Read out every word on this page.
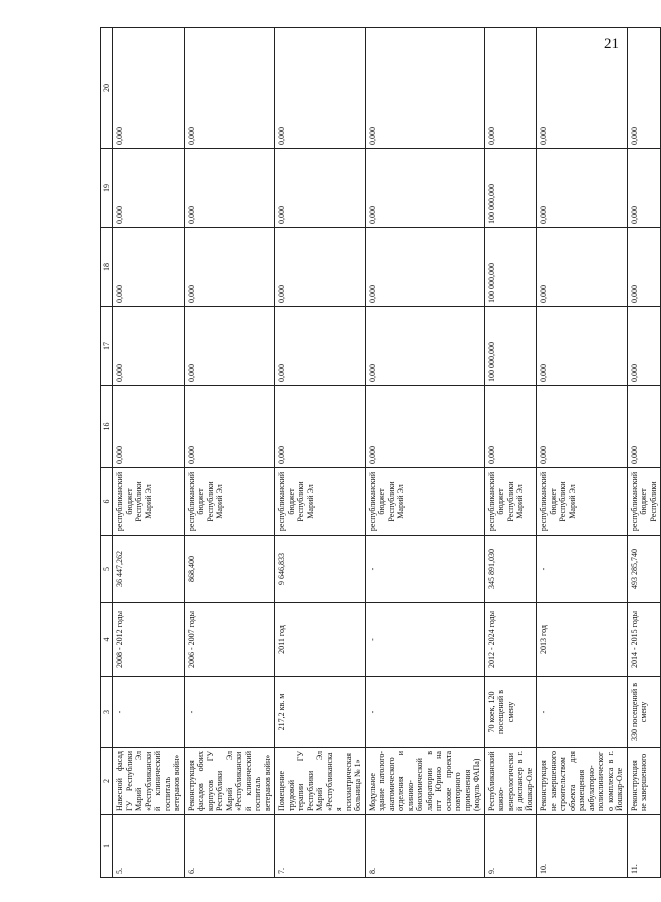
21
1	2	3	4	5	6	16	17	18	19	20
5.	Навесной фасад ГУ Республики Марий Эл «Республиканский клинический госпиталь ветеранов войн»	-	2008 - 2012 годы	36 447,262	республиканский бюджет Республики Марий Эл	0,000	0,000	0,000	0,000	0,000
6.	Реконструкция фасадов обоих корпусов ГУ Республики Марий Эл «Республиканский клинический госпиталь ветеранов войн»	-	2006 - 2007 годы	868,400	республиканский бюджет Республики Марий Эл	0,000	0,000	0,000	0,000	0,000
7.	Помещение трудовой терапии ГУ Республики Марий Эл «Республиканская психиатрическая больница № 1»	217,2 кв. м	2011 год	9 646,833	республиканский бюджет Республики Марий Эл	0,000	0,000	0,000	0,000	0,000
8.	Модульное здание патолого-анатомического отделения и клинико-биохимической лаборатории в пгт Юрино на основе проекта повторного применения (модуль ФАПа)	-	-	-	республиканский бюджет Республики Марий Эл	0,000	0,000	0,000	0,000	0,000
9.	Республиканский кожно-венерологический диспансер в г. Йошкар-Оле	70 коек, 120 посещений в смену	2012 - 2024 годы	345 891,030	республиканский бюджет Республики Марий Эл	0,000	100 000,000	100 000,000	100 000,000	0,000
10.	Реконструкция не завершенного строительством объекта для размещения амбулаторно-поликлинического комплекса в г. Йошкар-Оле	-	2013 год	-	республиканский бюджет Республики Марий Эл	0,000	0,000	0,000	0,000	0,000
11.	Реконструкция не завершенного	330 посещений в смену	2014 - 2015 годы	493 285,740	республиканский бюджет Республики	0,000	0,000	0,000	0,000	0,000
